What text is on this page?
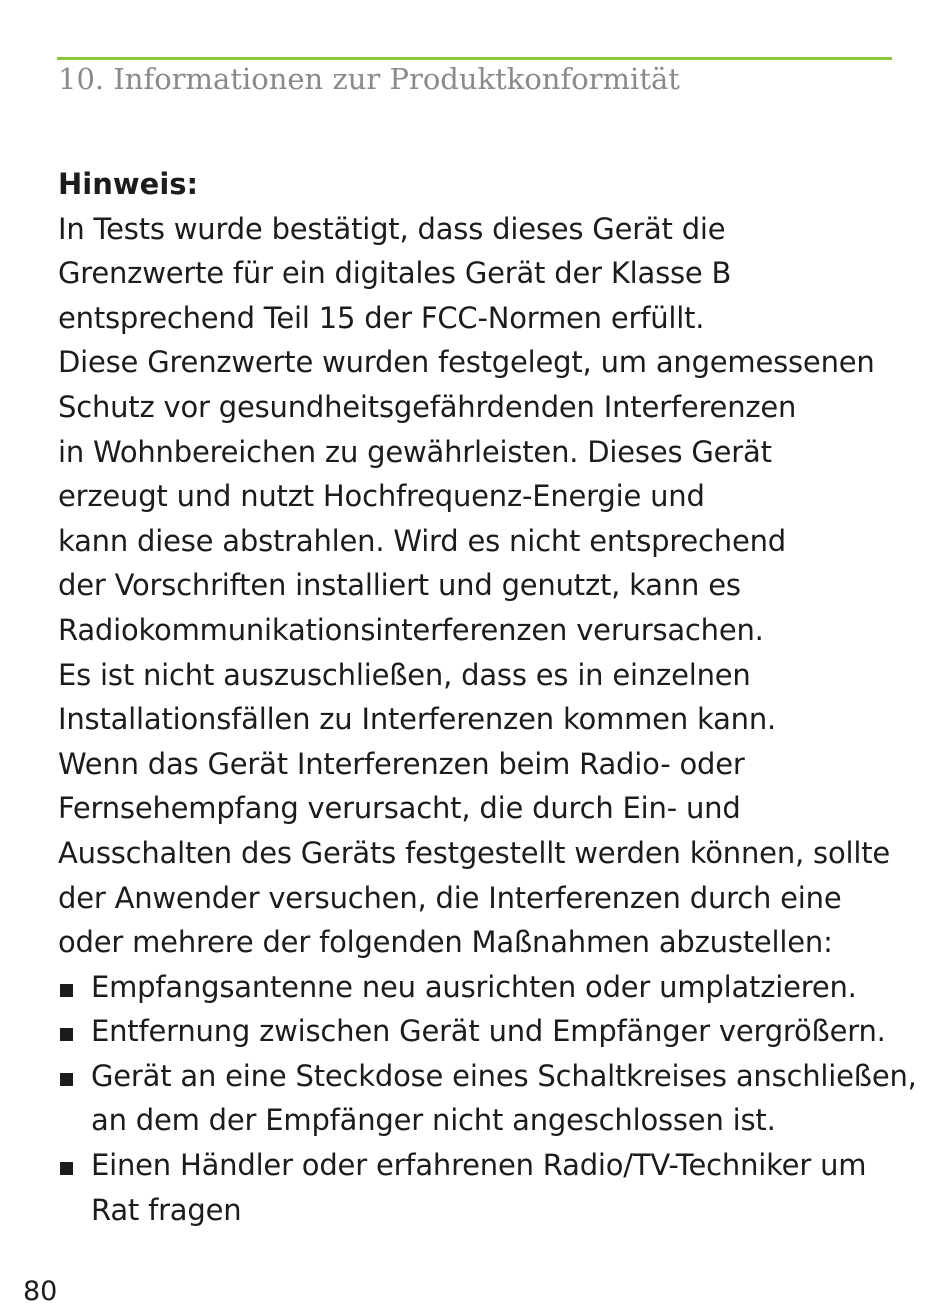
10. Informationen zur Produktkonformität
Hinweis:
In Tests wurde bestätigt, dass dieses Gerät die
Grenzwerte für ein digitales Gerät der Klasse B
entsprechend Teil 15 der FCC-Normen erfüllt.
Diese Grenzwerte wurden festgelegt, um angemessenen
Schutz vor gesundheitsgefährdenden Interferenzen
in Wohnbereichen zu gewährleisten. Dieses Gerät
erzeugt und nutzt Hochfrequenz-Energie und
kann diese abstrahlen. Wird es nicht entsprechend
der Vorschriften installiert und genutzt, kann es
Radiokommunikationsinterferenzen verursachen.
Es ist nicht auszuschließen, dass es in einzelnen
Installationsfällen zu Interferenzen kommen kann.
Wenn das Gerät Interferenzen beim Radio- oder
Fernsehempfang verursacht, die durch Ein- und
Ausschalten des Geräts festgestellt werden können, sollte
der Anwender versuchen, die Interferenzen durch eine
oder mehrere der folgenden Maßnahmen abzustellen:
Empfangsantenne neu ausrichten oder umplatzieren.
Entfernung zwischen Gerät und Empfänger vergrößern.
Gerät an eine Steckdose eines Schaltkreises anschließen,
an dem der Empfänger nicht angeschlossen ist.
Einen Händler oder erfahrenen Radio/TV-Techniker um
Rat fragen
80
